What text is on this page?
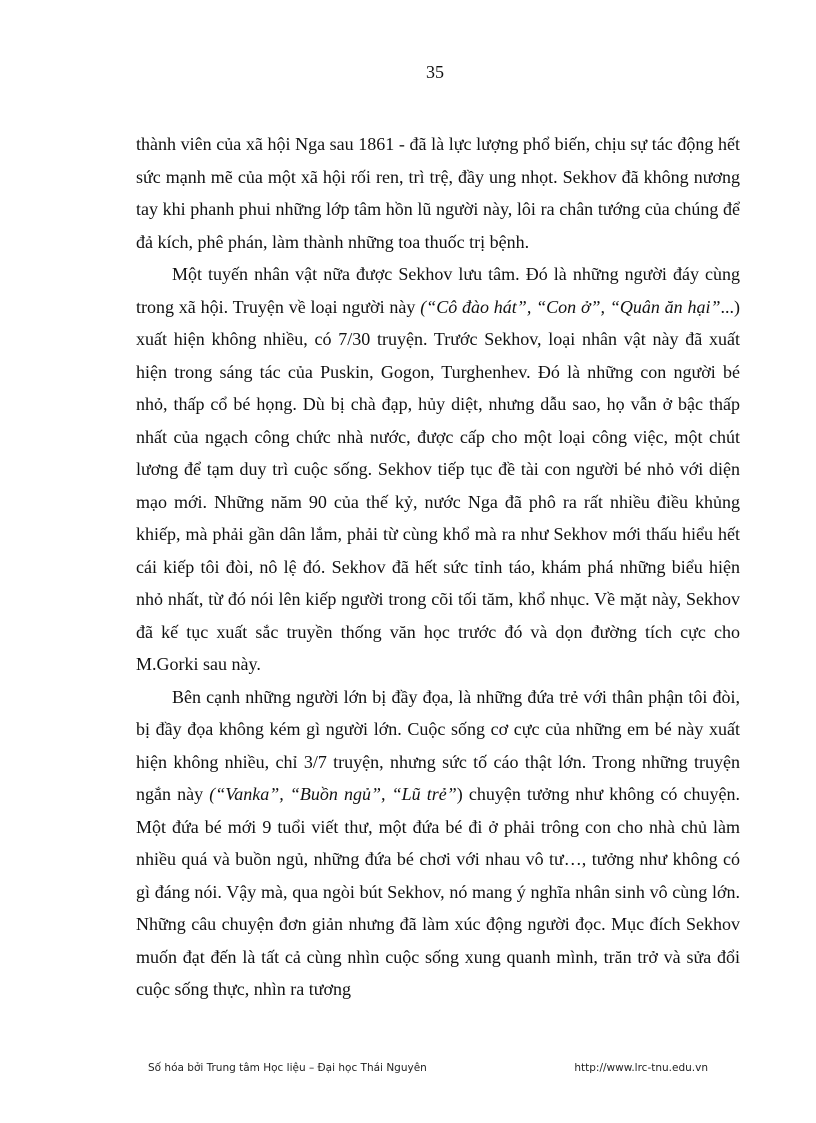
35

thành viên của xã hội Nga sau 1861 - đã là lực lượng phổ biến, chịu sự tác động hết sức mạnh mẽ của một xã hội rối ren, trì trệ, đầy ung nhọt. Sekhov đã không nương tay khi phanh phui những lớp tâm hồn lũ người này, lôi ra chân tướng của chúng để đả kích, phê phán, làm thành những toa thuốc trị bệnh.

Một tuyến nhân vật nữa được Sekhov lưu tâm. Đó là những người đáy cùng trong xã hội. Truyện về loại người này (“Cô đào hát”, “Con ở”, “Quân ăn hại”...) xuất hiện không nhiều, có 7/30 truyện. Trước Sekhov, loại nhân vật này đã xuất hiện trong sáng tác của Puskin, Gogon, Turghenhev. Đó là những con người bé nhỏ, thấp cổ bé họng. Dù bị chà đạp, hủy diệt, nhưng dẫu sao, họ vẫn ở bậc thấp nhất của ngạch công chức nhà nước, được cấp cho một loại công việc, một chút lương để tạm duy trì cuộc sống. Sekhov tiếp tục đề tài con người bé nhỏ với diện mạo mới. Những năm 90 của thế kỷ, nước Nga đã phô ra rất nhiều điều khủng khiếp, mà phải gần dân lắm, phải từ cùng khổ mà ra như Sekhov mới thấu hiểu hết cái kiếp tôi đòi, nô lệ đó. Sekhov đã hết sức tỉnh táo, khám phá những biểu hiện nhỏ nhất, từ đó nói lên kiếp người trong cõi tối tăm, khổ nhục. Về mặt này, Sekhov đã kế tục xuất sắc truyền thống văn học trước đó và dọn đường tích cực cho M.Gorki sau này.

Bên cạnh những người lớn bị đầy đọa, là những đứa trẻ với thân phận tôi đòi, bị đầy đọa không kém gì người lớn. Cuộc sống cơ cực của những em bé này xuất hiện không nhiều, chỉ 3/7 truyện, nhưng sức tố cáo thật lớn. Trong những truyện ngắn này (“Vanka”, “Buồn ngủ”, “Lũ trẻ”) chuyện tưởng như không có chuyện. Một đứa bé mới 9 tuổi viết thư, một đứa bé đi ở phải trông con cho nhà chủ làm nhiều quá và buồn ngủ, những đứa bé chơi với nhau vô tư…, tưởng như không có gì đáng nói. Vậy mà, qua ngòi bút Sekhov, nó mang ý nghĩa nhân sinh vô cùng lớn. Những câu chuyện đơn giản nhưng đã làm xúc động người đọc. Mục đích Sekhov muốn đạt đến là tất cả cùng nhìn cuộc sống xung quanh mình, trăn trở và sửa đổi cuộc sống thực, nhìn ra tương

Số hóa bởi Trung tâm Học liệu – Đại học Thái Nguyên	http://www.lrc-tnu.edu.vn
